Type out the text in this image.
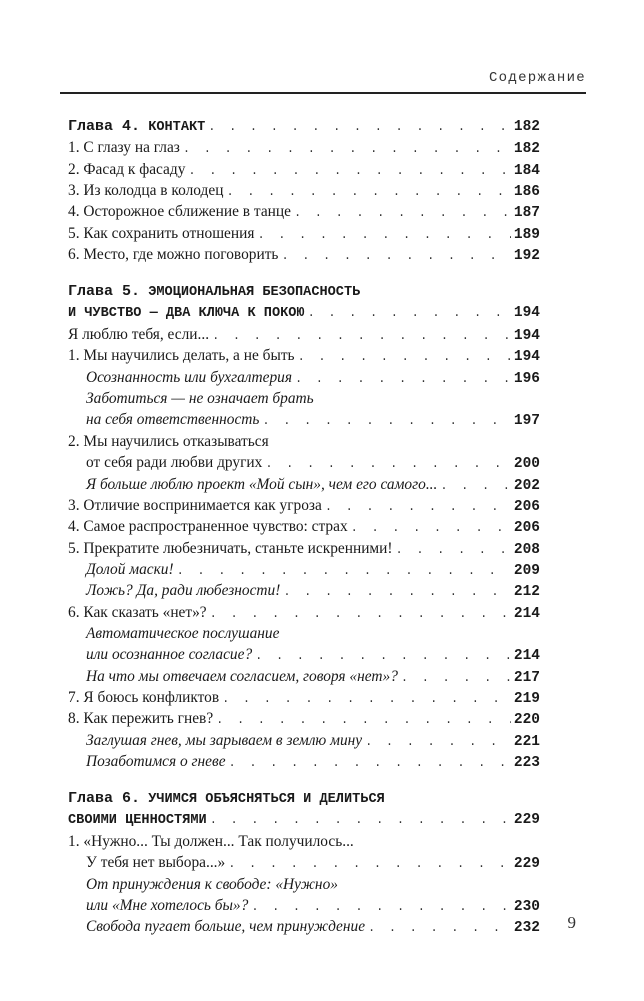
Содержание
Глава 4. КОНТАКТ . . .	182
1. С глазу на глаз . . .	182
2. Фасад к фасаду . . .	184
3. Из колодца в колодец . . .	186
4. Осторожное сближение в танце . . .	187
5. Как сохранить отношения . . .	189
6. Место, где можно поговорить . . .	192
Глава 5. ЭМОЦИОНАЛЬНАЯ БЕЗОПАСНОСТЬ
И ЧУВСТВО — ДВА КЛЮЧА К ПОКОЮ . . .	194
Я люблю тебя, если... . . .	194
1. Мы научились делать, а не быть . . .	194
Осознанность или бухгалтерия . . .	196
Заботиться — не означает брать
на себя ответственность . . .	197
2. Мы научились отказываться
от себя ради любви других . . .	200
Я больше люблю проект «Мой сын», чем его самого... . . .	202
3. Отличие воспринимается как угроза . . .	206
4. Самое распространенное чувство: страх . . .	206
5. Прекратите любезничать, станьте искренними! . . .	208
Долой маски! . . .	209
Ложь? Да, ради любезности! . . .	212
6. Как сказать «нет»? . . .	214
Автоматическое послушание
или осознанное согласие? . . .	214
На что мы отвечаем согласием, говоря «нет»? . . .	217
7. Я боюсь конфликтов . . .	219
8. Как пережить гнев? . . .	220
Заглушая гнев, мы зарываем в землю мину . . .	221
Позаботимся о гневе . . .	223
Глава 6. УЧИМСЯ ОБЪЯСНЯТЬСЯ И ДЕЛИТЬСЯ
СВОИМИ ЦЕННОСТЯМИ . . .	229
1. «Нужно... Ты должен... Так получилось...
У тебя нет выбора...» . . .	229
От принуждения к свободе: «Нужно»
или «Мне хотелось бы»? . . .	230
Свобода пугает больше, чем принуждение . . .	232 9
